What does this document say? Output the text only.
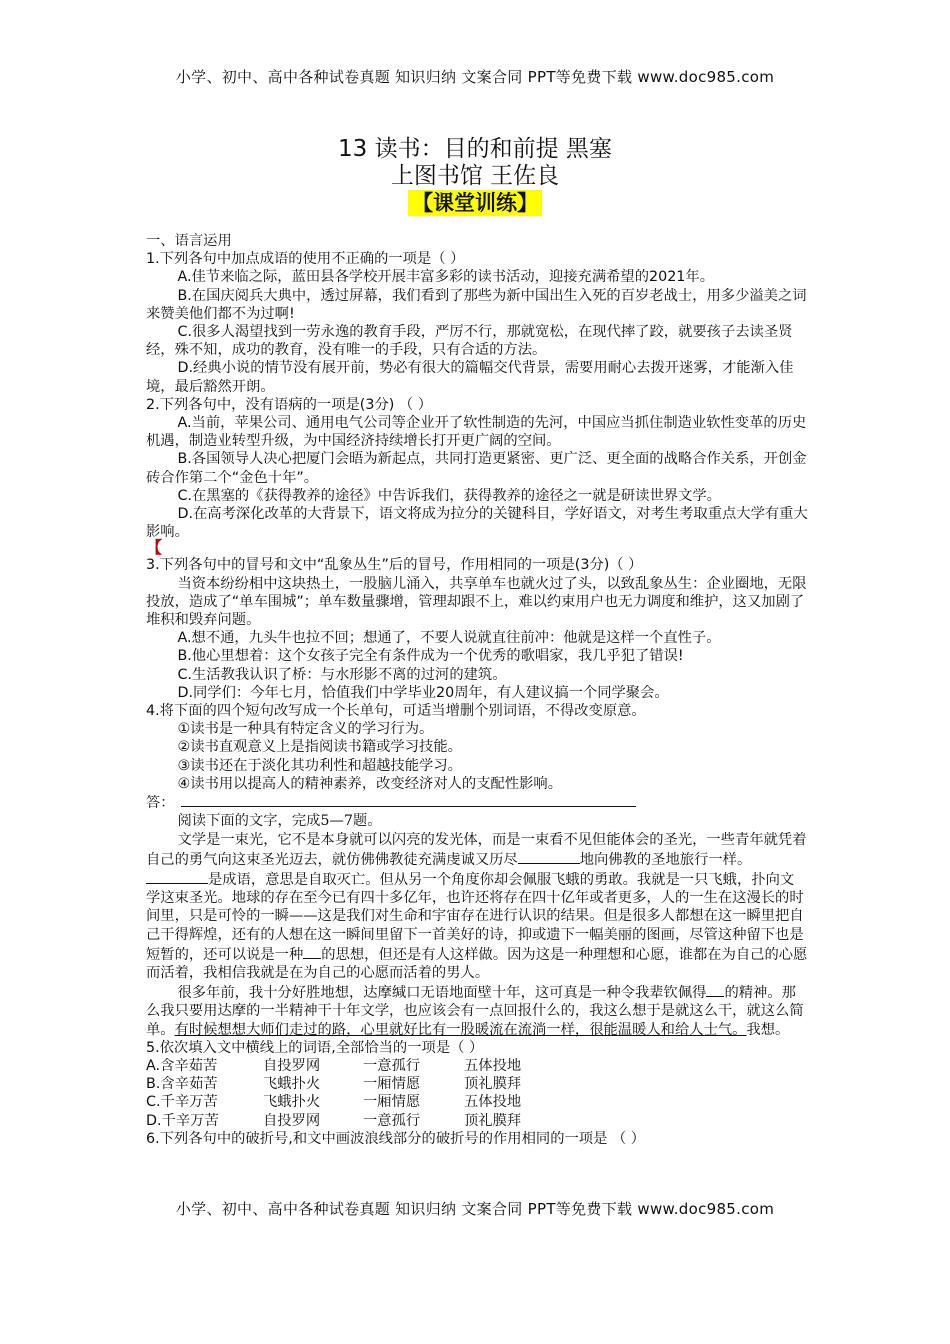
小学、初中、高中各种试卷真题 知识归纳 文案合同 PPT等免费下载 www.doc985.com
13 读书：目的和前提 黑塞
上图书馆 王佐良
【课堂训练】

一、语言运用

1.下列各句中加点成语的使用不正确的一项是（ ）

A.佳节来临之际，蓝田县各学校开展丰富多彩的读书活动，迎接充满希望的2021年。

B.在国庆阅兵大典中，透过屏幕，我们看到了那些为新中国出生入死的百岁老战士，用多少溢美之词来赞美他们都不为过啊!

C.很多人渴望找到一劳永逸的教育手段，严厉不行，那就宽松，在现代摔了跤，就要孩子去读圣贤经，殊不知，成功的教育，没有唯一的手段，只有合适的方法。

D.经典小说的情节没有展开前，势必有很大的篇幅交代背景，需要用耐心去拨开迷雾，才能渐入佳境，最后豁然开朗。

2.下列各句中，没有语病的一项是(3分) （ ）

A.当前，苹果公司、通用电气公司等企业开了软性制造的先河，中国应当抓住制造业软性变革的历史机遇，制造业转型升级，为中国经济持续增长打开更广阔的空间。

B.各国领导人决心把厦门会晤为新起点，共同打造更紧密、更广泛、更全面的战略合作关系，开创金砖合作第二个“金色十年”。

C.在黑塞的《获得教养的途径》中告诉我们，获得教养的途径之一就是研读世界文学。

D.在高考深化改革的大背景下，语文将成为拉分的关键科目，学好语文，对考生考取重点大学有重大影响。

【

3.下列各句中的冒号和文中“乱象丛生”后的冒号，作用相同的一项是(3分)（ ）

当资本纷纷相中这块热土，一股脑儿涌入，共享单车也就火过了头，以致乱象丛生：企业圈地，无限投放，造成了“单车围城”；单车数量骤增，管理却跟不上，难以约束用户也无力调度和维护，这又加剧了堆积和毁弃问题。

A.想不通，九头牛也拉不回；想通了，不要人说就直往前冲：他就是这样一个直性子。

B.他心里想着：这个女孩子完全有条件成为一个优秀的歌唱家，我几乎犯了错误!

C.生活教我认识了桥：与水形影不离的过河的建筑。

D.同学们：今年七月，恰值我们中学毕业20周年，有人建议搞一个同学聚会。

4.将下面的四个短句改写成一个长单句，可适当增删个别词语，不得改变原意。

①读书是一种具有特定含义的学习行为。

②读书直观意义上是指阅读书籍或学习技能。

③读书还在于淡化其功利性和超越技能学习。

④读书用以提高人的精神素养，改变经济对人的支配性影响。

答：

阅读下面的文字，完成5—7题。

文学是一束光，它不是本身就可以闪亮的发光体，而是一束看不见但能体会的圣光，一些青年就凭着自己的勇气向这束圣光迈去，就仿佛佛教徒充满虔诚又历尽	地向佛教的圣地旅行一样。是成语，意思是自取灭亡。但从另一个角度你却会佩服飞蛾的勇敢。我就是一只飞蛾，扑向文学这束圣光。地球的存在至今已有四十多亿年，也许还将存在四十亿年或者更多，人的一生在这漫长的时间里，只是可怜的一瞬——这是我们对生命和宇宙存在进行认识的结果。但是很多人都想在这一瞬里把自己干得辉煌，还有的人想在这一瞬间里留下一首美好的诗，抑或遗下一幅美丽的图画，尽管这种留下也是短暂的，还可以说是一种 的思想，但还是有人这样做。因为这是一种理想和心愿，谁都在为自己的心愿而活着，我相信我就是在为自己的心愿而活着的男人。

很多年前，我十分好胜地想，达摩缄口无语地面壁十年，这可真是一种令我辈钦佩得 的精神。那么我只要用达摩的一半精神干十年文学，也应该会有一点回报什么的，我这么想于是就这么干，就这么简单。有时候想想大师们走过的路，心里就好比有一股暖流在流淌一样，很能温暖人和给人士气。我想。

5.依次填入文中横线上的词语,全部恰当的一项是（ ）

A.含辛茹苦	自投罗网	一意孤行	五体投地
B.含辛茹苦	飞蛾扑火	一厢情愿	顶礼膜拜
C.千辛万苦	飞蛾扑火	一厢情愿	五体投地
D.千辛万苦	自投罗网	一意孤行	顶礼膜拜

6.下列各句中的破折号,和文中画波浪线部分的破折号的作用相同的一项是 （ ）

小学、初中、高中各种试卷真题 知识归纳 文案合同 PPT等免费下载 www.doc985.com
